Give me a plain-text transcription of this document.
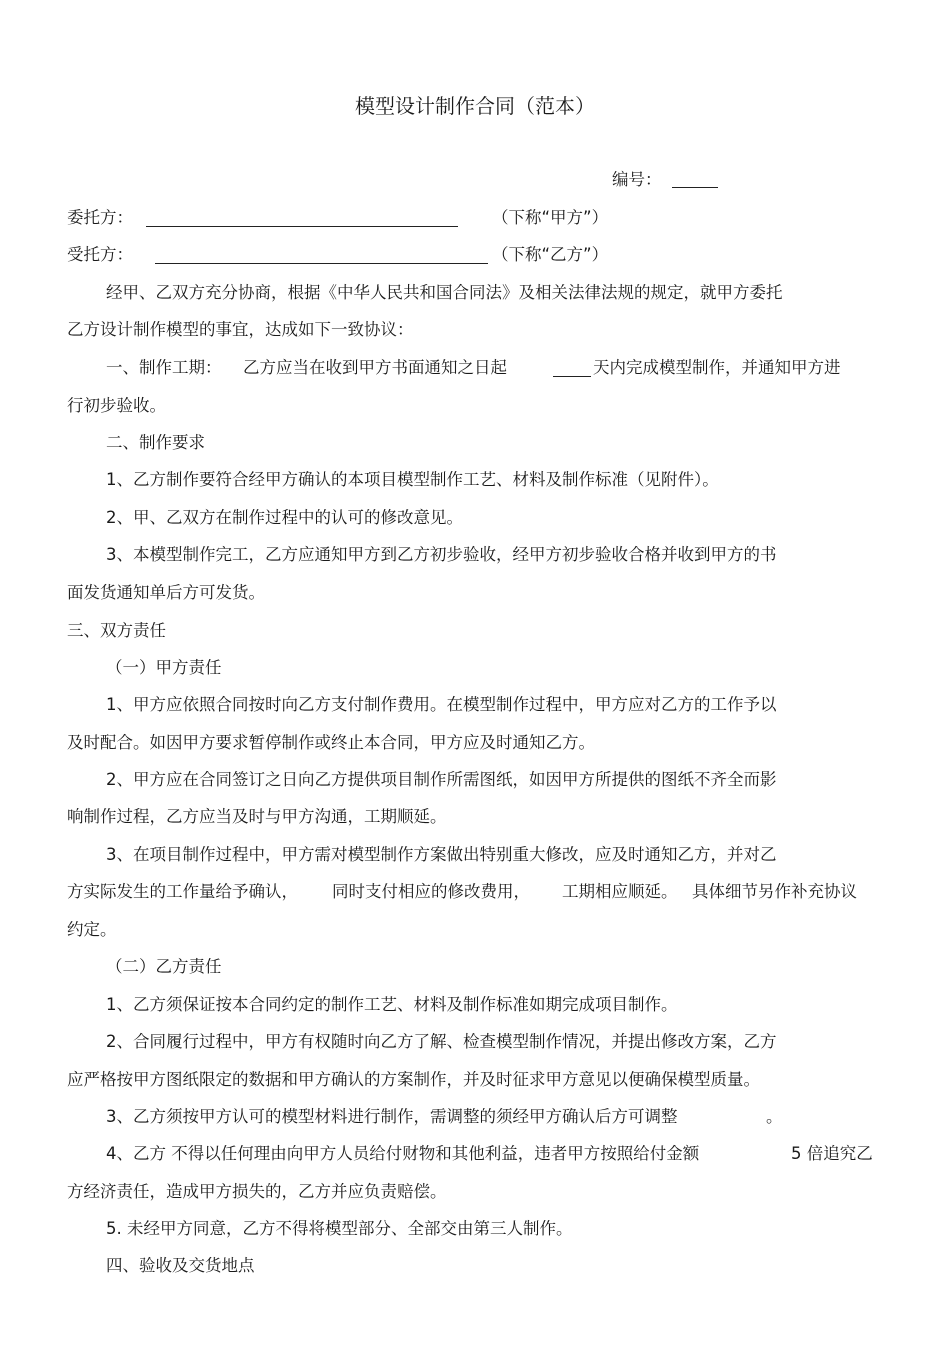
模型设计制作合同（范本）
编号：
委托方：	（下称“甲方”）
受托方：	（下称“乙方”）
经甲、乙双方充分协商，根据《中华人民共和国合同法》及相关法律法规的规定，就甲方委托
乙方设计制作模型的事宜，达成如下一致协议：
一、制作工期： 乙方应当在收到甲方书面通知之日起	天内完成模型制作，并通知甲方进
行初步验收。
二、制作要求
1、乙方制作要符合经甲方确认的本项目模型制作工艺、材料及制作标准（见附件）。
2、甲、乙双方在制作过程中的认可的修改意见。
3、本模型制作完工，乙方应通知甲方到乙方初步验收，经甲方初步验收合格并收到甲方的书
面发货通知单后方可发货。
三、双方责任
（一）甲方责任
1、甲方应依照合同按时向乙方支付制作费用。在模型制作过程中，甲方应对乙方的工作予以
及时配合。如因甲方要求暂停制作或终止本合同，甲方应及时通知乙方。
2、甲方应在合同签订之日向乙方提供项目制作所需图纸，如因甲方所提供的图纸不齐全而影
响制作过程，乙方应当及时与甲方沟通，工期顺延。
3、在项目制作过程中，甲方需对模型制作方案做出特别重大修改，应及时通知乙方，并对乙
方实际发生的工作量给予确认， 同时支付相应的修改费用， 工期相应顺延。 具体细节另作补充协议
约定。
（二）乙方责任
1、乙方须保证按本合同约定的制作工艺、材料及制作标准如期完成项目制作。
2、合同履行过程中，甲方有权随时向乙方了解、检查模型制作情况，并提出修改方案，乙方
应严格按甲方图纸限定的数据和甲方确认的方案制作，并及时征求甲方意见以便确保模型质量。
3、乙方须按甲方认可的模型材料进行制作，需调整的须经甲方确认后方可调整	。
4、乙方 不得以任何理由向甲方人员给付财物和其他利益，违者甲方按照给付金额	5 倍追究乙
方经济责任，造成甲方损失的，乙方并应负责赔偿。
5. 未经甲方同意，乙方不得将模型部分、全部交由第三人制作。
四、验收及交货地点
